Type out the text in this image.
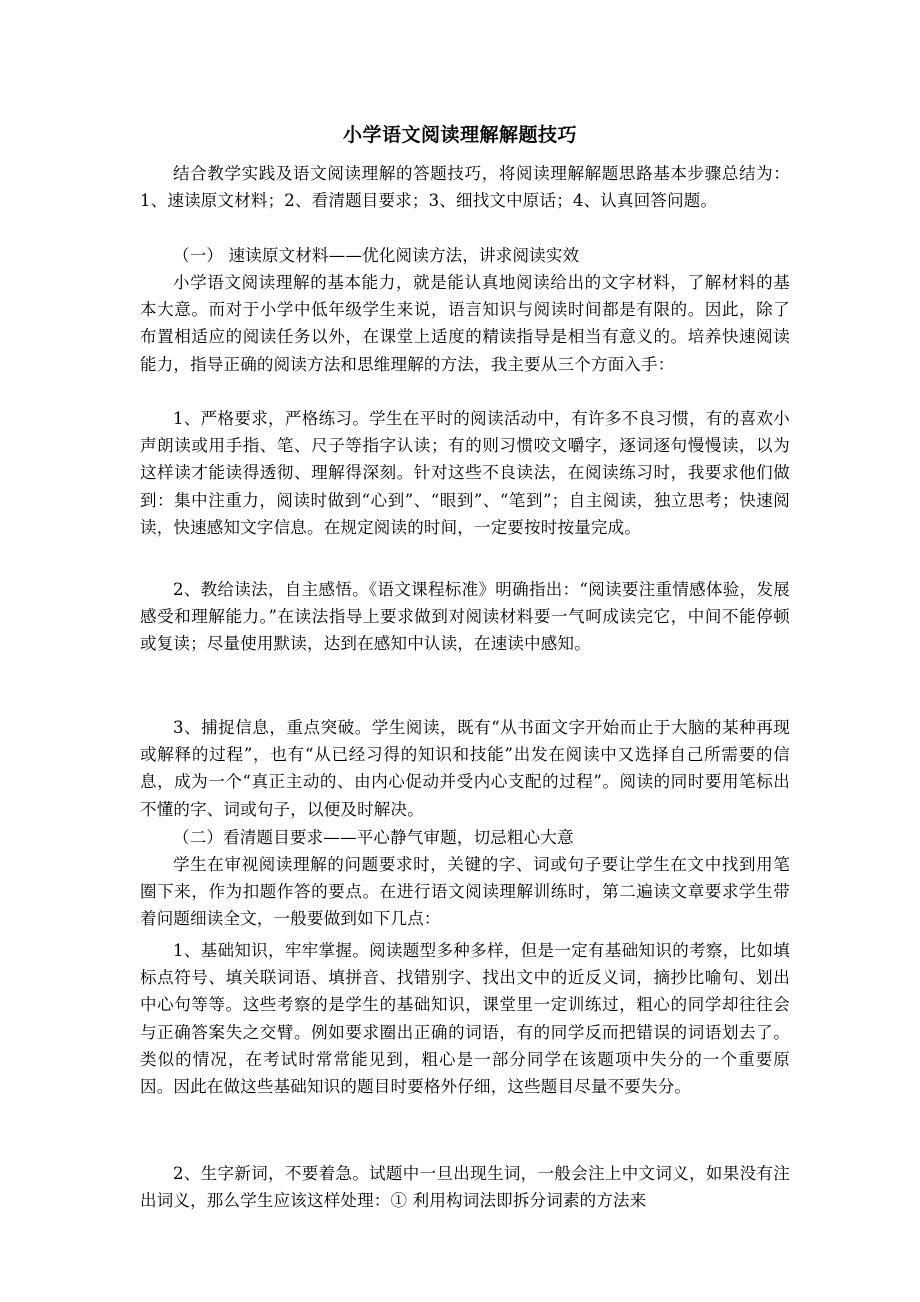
小学语文阅读理解解题技巧

结合教学实践及语文阅读理解的答题技巧，将阅读理解解题思路基本步骤总结为：1、速读原文材料；2、看清题目要求；3、细找文中原话；4、认真回答问题。

（一） 速读原文材料——优化阅读方法，讲求阅读实效

小学语文阅读理解的基本能力，就是能认真地阅读给出的文字材料，了解材料的基本大意。而对于小学中低年级学生来说，语言知识与阅读时间都是有限的。因此，除了布置相适应的阅读任务以外，在课堂上适度的精读指导是相当有意义的。培养快速阅读能力，指导正确的阅读方法和思维理解的方法，我主要从三个方面入手：

1、严格要求，严格练习。学生在平时的阅读活动中，有许多不良习惯，有的喜欢小声朗读或用手指、笔、尺子等指字认读；有的则习惯咬文嚼字，逐词逐句慢慢读，以为这样读才能读得透彻、理解得深刻。针对这些不良读法，在阅读练习时，我要求他们做到：集中注重力，阅读时做到“心到”、“眼到”、“笔到”；自主阅读，独立思考；快速阅读，快速感知文字信息。在规定阅读的时间，一定要按时按量完成。

2、教给读法，自主感悟。《语文课程标准》明确指出：“阅读要注重情感体验，发展感受和理解能力。”在读法指导上要求做到对阅读材料要一气呵成读完它，中间不能停顿或复读；尽量使用默读，达到在感知中认读，在速读中感知。

3、捕捉信息，重点突破。学生阅读，既有“从书面文字开始而止于大脑的某种再现或解释的过程”，也有“从已经习得的知识和技能”出发在阅读中又选择自己所需要的信息，成为一个“真正主动的、由内心促动并受内心支配的过程”。阅读的同时要用笔标出不懂的字、词或句子，以便及时解决。

（二）看清题目要求——平心静气审题，切忌粗心大意

学生在审视阅读理解的问题要求时，关键的字、词或句子要让学生在文中找到用笔圈下来，作为扣题作答的要点。在进行语文阅读理解训练时，第二遍读文章要求学生带着问题细读全文，一般要做到如下几点：

1、基础知识，牢牢掌握。阅读题型多种多样，但是一定有基础知识的考察，比如填标点符号、填关联词语、填拼音、找错别字、找出文中的近反义词，摘抄比喻句、划出中心句等等。这些考察的是学生的基础知识，课堂里一定训练过，粗心的同学却往往会与正确答案失之交臂。例如要求圈出正确的词语，有的同学反而把错误的词语划去了。类似的情况，在考试时常常能见到，粗心是一部分同学在该题项中失分的一个重要原因。因此在做这些基础知识的题目时要格外仔细，这些题目尽量不要失分。

2、生字新词，不要着急。试题中一旦出现生词，一般会注上中文词义，如果没有注出词义，那么学生应该这样处理：① 利用构词法即拆分词素的方法来
